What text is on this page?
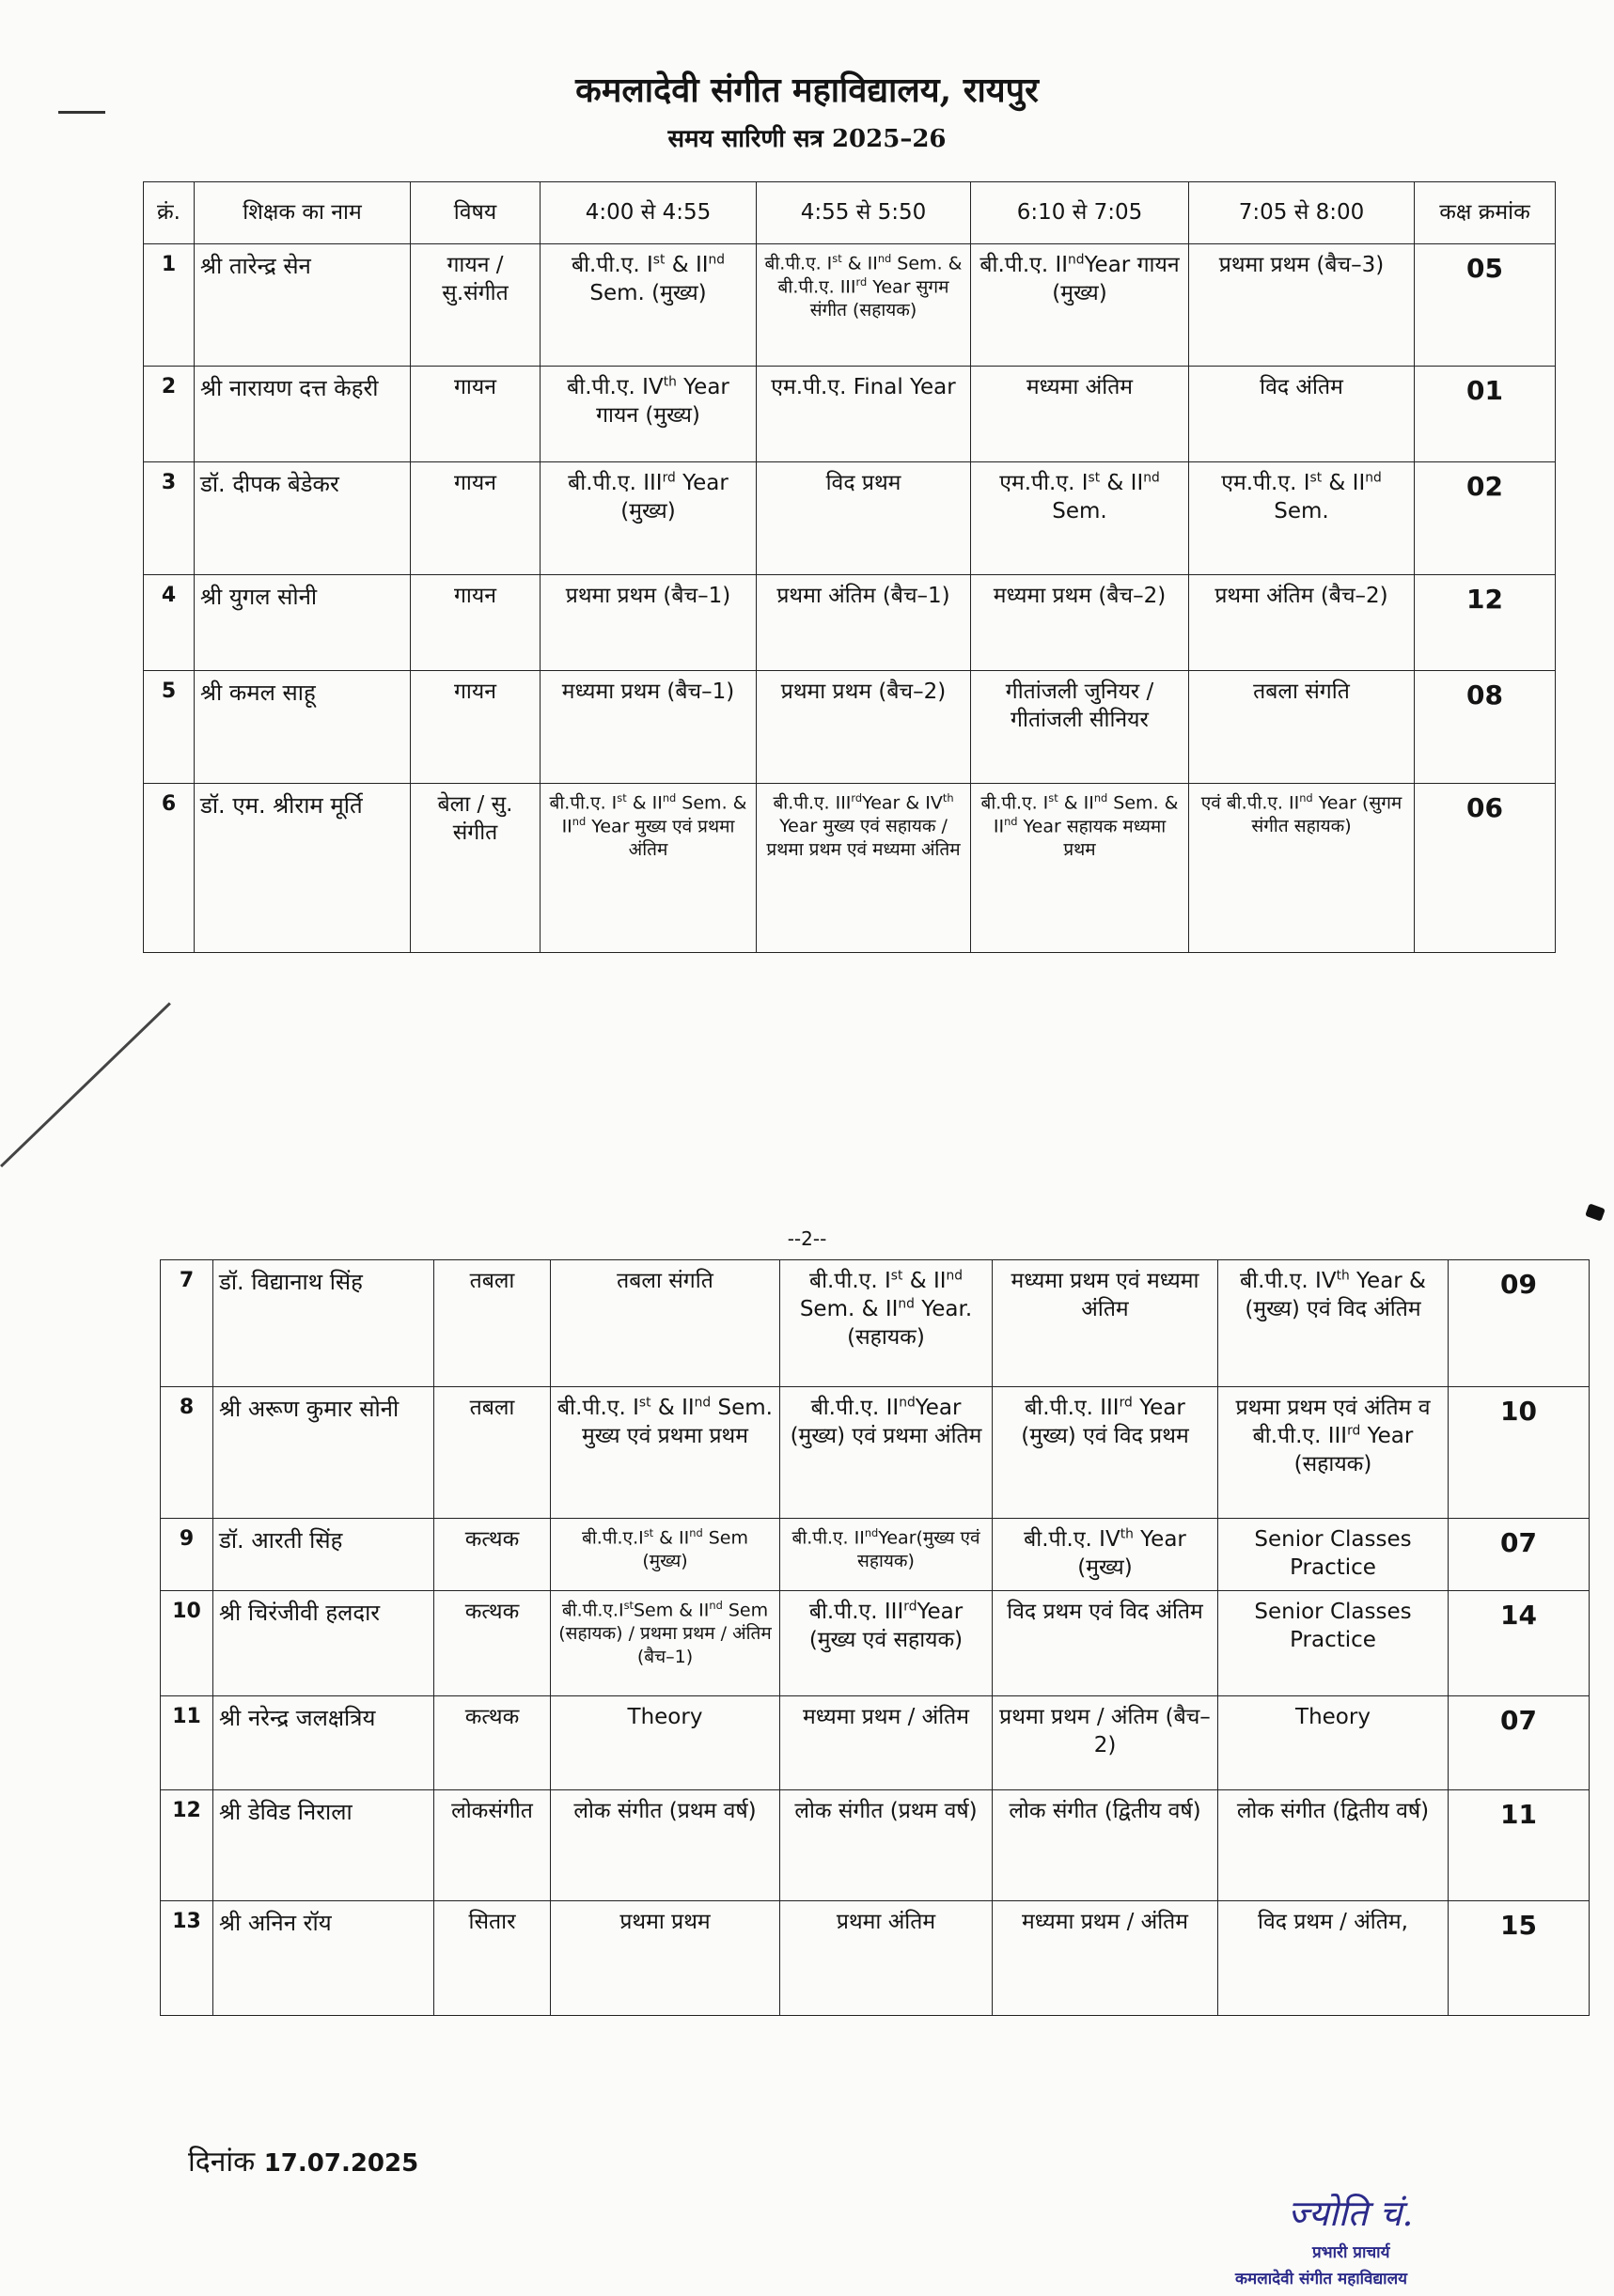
कमलादेवी संगीत महाविद्यालय, रायपुर
समय सारिणी सत्र 2025–26
क्रं.	शिक्षक का नाम	विषय	4:00 से 4:55	4:55 से 5:50	6:10 से 7:05	7:05 से 8:00	कक्ष क्रमांक
1	श्री तारेन्द्र सेन	गायन / सु.संगीत	बी.पी.ए. Ist & IInd Sem. (मुख्य)	बी.पी.ए. Ist & IInd Sem. & बी.पी.ए. IIIrd Year सुगम संगीत (सहायक)	बी.पी.ए. IIndYear गायन (मुख्य)	प्रथमा प्रथम (बैच–3)	05
2	श्री नारायण दत्त केहरी	गायन	बी.पी.ए. IVth Year गायन (मुख्य)	एम.पी.ए. Final Year	मध्यमा अंतिम	विद अंतिम	01
3	डॉ. दीपक बेडेकर	गायन	बी.पी.ए. IIIrd Year (मुख्य)	विद प्रथम	एम.पी.ए. Ist & IInd Sem.	एम.पी.ए. Ist & IInd Sem.	02
4	श्री युगल सोनी	गायन	प्रथमा प्रथम (बैच–1)	प्रथमा अंतिम (बैच–1)	मध्यमा प्रथम (बैच–2)	प्रथमा अंतिम (बैच–2)	12
5	श्री कमल साहू	गायन	मध्यमा प्रथम (बैच–1)	प्रथमा प्रथम (बैच–2)	गीतांजली जुनियर / गीतांजली सीनियर	तबला संगति	08
6	डॉ. एम. श्रीराम मूर्ति	बेला / सु. संगीत	बी.पी.ए. Ist & IInd Sem. & IInd Year मुख्य एवं प्रथमा अंतिम	बी.पी.ए. IIIrdYear & IVth Year मुख्य एवं सहायक / प्रथमा प्रथम एवं मध्यमा अंतिम	बी.पी.ए. Ist & IInd Sem. & IInd Year सहायक मध्यमा प्रथम	एवं बी.पी.ए. IInd Year (सुगम संगीत सहायक)	06
--2--
7	डॉ. विद्यानाथ सिंह	तबला	तबला संगति	बी.पी.ए. Ist & IInd Sem. & IInd Year. (सहायक)	मध्यमा प्रथम एवं मध्यमा अंतिम	बी.पी.ए. IVth Year & (मुख्य) एवं विद अंतिम	09
8	श्री अरूण कुमार सोनी	तबला	बी.पी.ए. Ist & IInd Sem. मुख्य एवं प्रथमा प्रथम	बी.पी.ए. IIndYear (मुख्य) एवं प्रथमा अंतिम	बी.पी.ए. IIIrd Year (मुख्य) एवं विद प्रथम	प्रथमा प्रथम एवं अंतिम व बी.पी.ए. IIIrd Year (सहायक)	10
9	डॉ. आरती सिंह	कत्थक	बी.पी.ए.Ist & IInd Sem (मुख्य)	बी.पी.ए. IIndYear(मुख्य एवं सहायक)	बी.पी.ए. IVth Year (मुख्य)	Senior Classes Practice	07
10	श्री चिरंजीवी हलदार	कत्थक	बी.पी.ए.IstSem & IInd Sem (सहायक) / प्रथमा प्रथम / अंतिम (बैच–1)	बी.पी.ए. IIIrdYear (मुख्य एवं सहायक)	विद प्रथम एवं विद अंतिम	Senior Classes Practice	14
11	श्री नरेन्द्र जलक्षत्रिय	कत्थक	Theory	मध्यमा प्रथम / अंतिम	प्रथमा प्रथम / अंतिम (बैच–2)	Theory	07
12	श्री डेविड निराला	लोकसंगीत	लोक संगीत (प्रथम वर्ष)	लोक संगीत (प्रथम वर्ष)	लोक संगीत (द्वितीय वर्ष)	लोक संगीत (द्वितीय वर्ष)	11
13	श्री अनिन रॉय	सितार	प्रथमा प्रथम	प्रथमा अंतिम	मध्यमा प्रथम / अंतिम	विद प्रथम / अंतिम,	15
दिनांक 17.07.2025
ज्योति चं.
प्रभारी प्राचार्य
कमलादेवी संगीत महाविद्यालय
